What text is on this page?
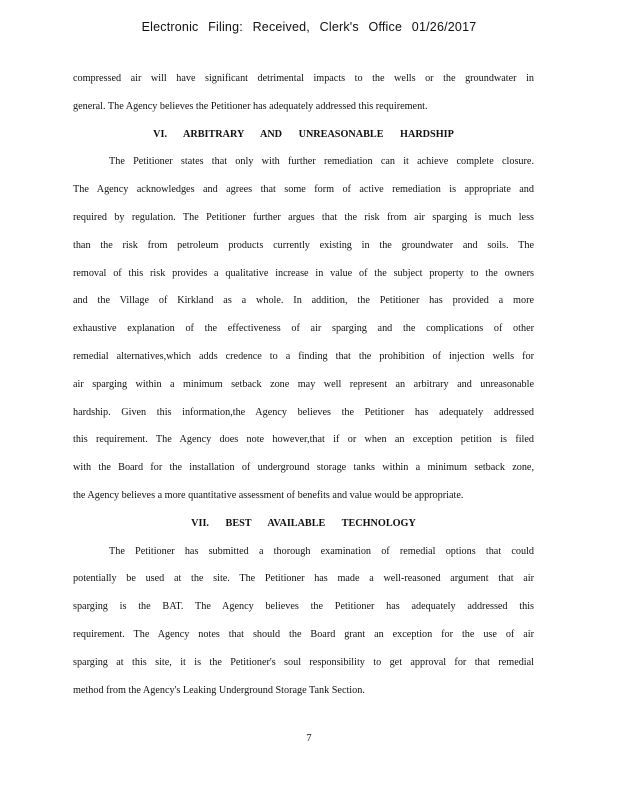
Electronic Filing: Received, Clerk's Office 01/26/2017
compressed air will have significant detrimental impacts to the wells or the groundwater in
general. The Agency believes the Petitioner has adequately addressed this requirement.
VI. ARBITRARY AND UNREASONABLE HARDSHIP
The Petitioner states that only with further remediation can it achieve complete closure.
The Agency acknowledges and agrees that some form of active remediation is appropriate and
required by regulation. The Petitioner further argues that the risk from air sparging is much less
than the risk from petroleum products currently existing in the groundwater and soils. The
removal of this risk provides a qualitative increase in value of the subject property to the owners
and the Village of Kirkland as a whole. In addition, the Petitioner has provided a more
exhaustive explanation of the effectiveness of air sparging and the complications of other
remedial alternatives,which adds credence to a finding that the prohibition of injection wells for
air sparging within a minimum setback zone may well represent an arbitrary and unreasonable
hardship. Given this information,the Agency believes the Petitioner has adequately addressed
this requirement. The Agency does note however,that if or when an exception petition is filed
with the Board for the installation of underground storage tanks within a minimum setback zone,
the Agency believes a more quantitative assessment of benefits and value would be appropriate.
VII. BEST AVAILABLE TECHNOLOGY
The Petitioner has submitted a thorough examination of remedial options that could
potentially be used at the site. The Petitioner has made a well-reasoned argument that air
sparging is the BAT. The Agency believes the Petitioner has adequately addressed this
requirement. The Agency notes that should the Board grant an exception for the use of air
sparging at this site, it is the Petitioner's soul responsibility to get approval for that remedial
method from the Agency's Leaking Underground Storage Tank Section.
7
